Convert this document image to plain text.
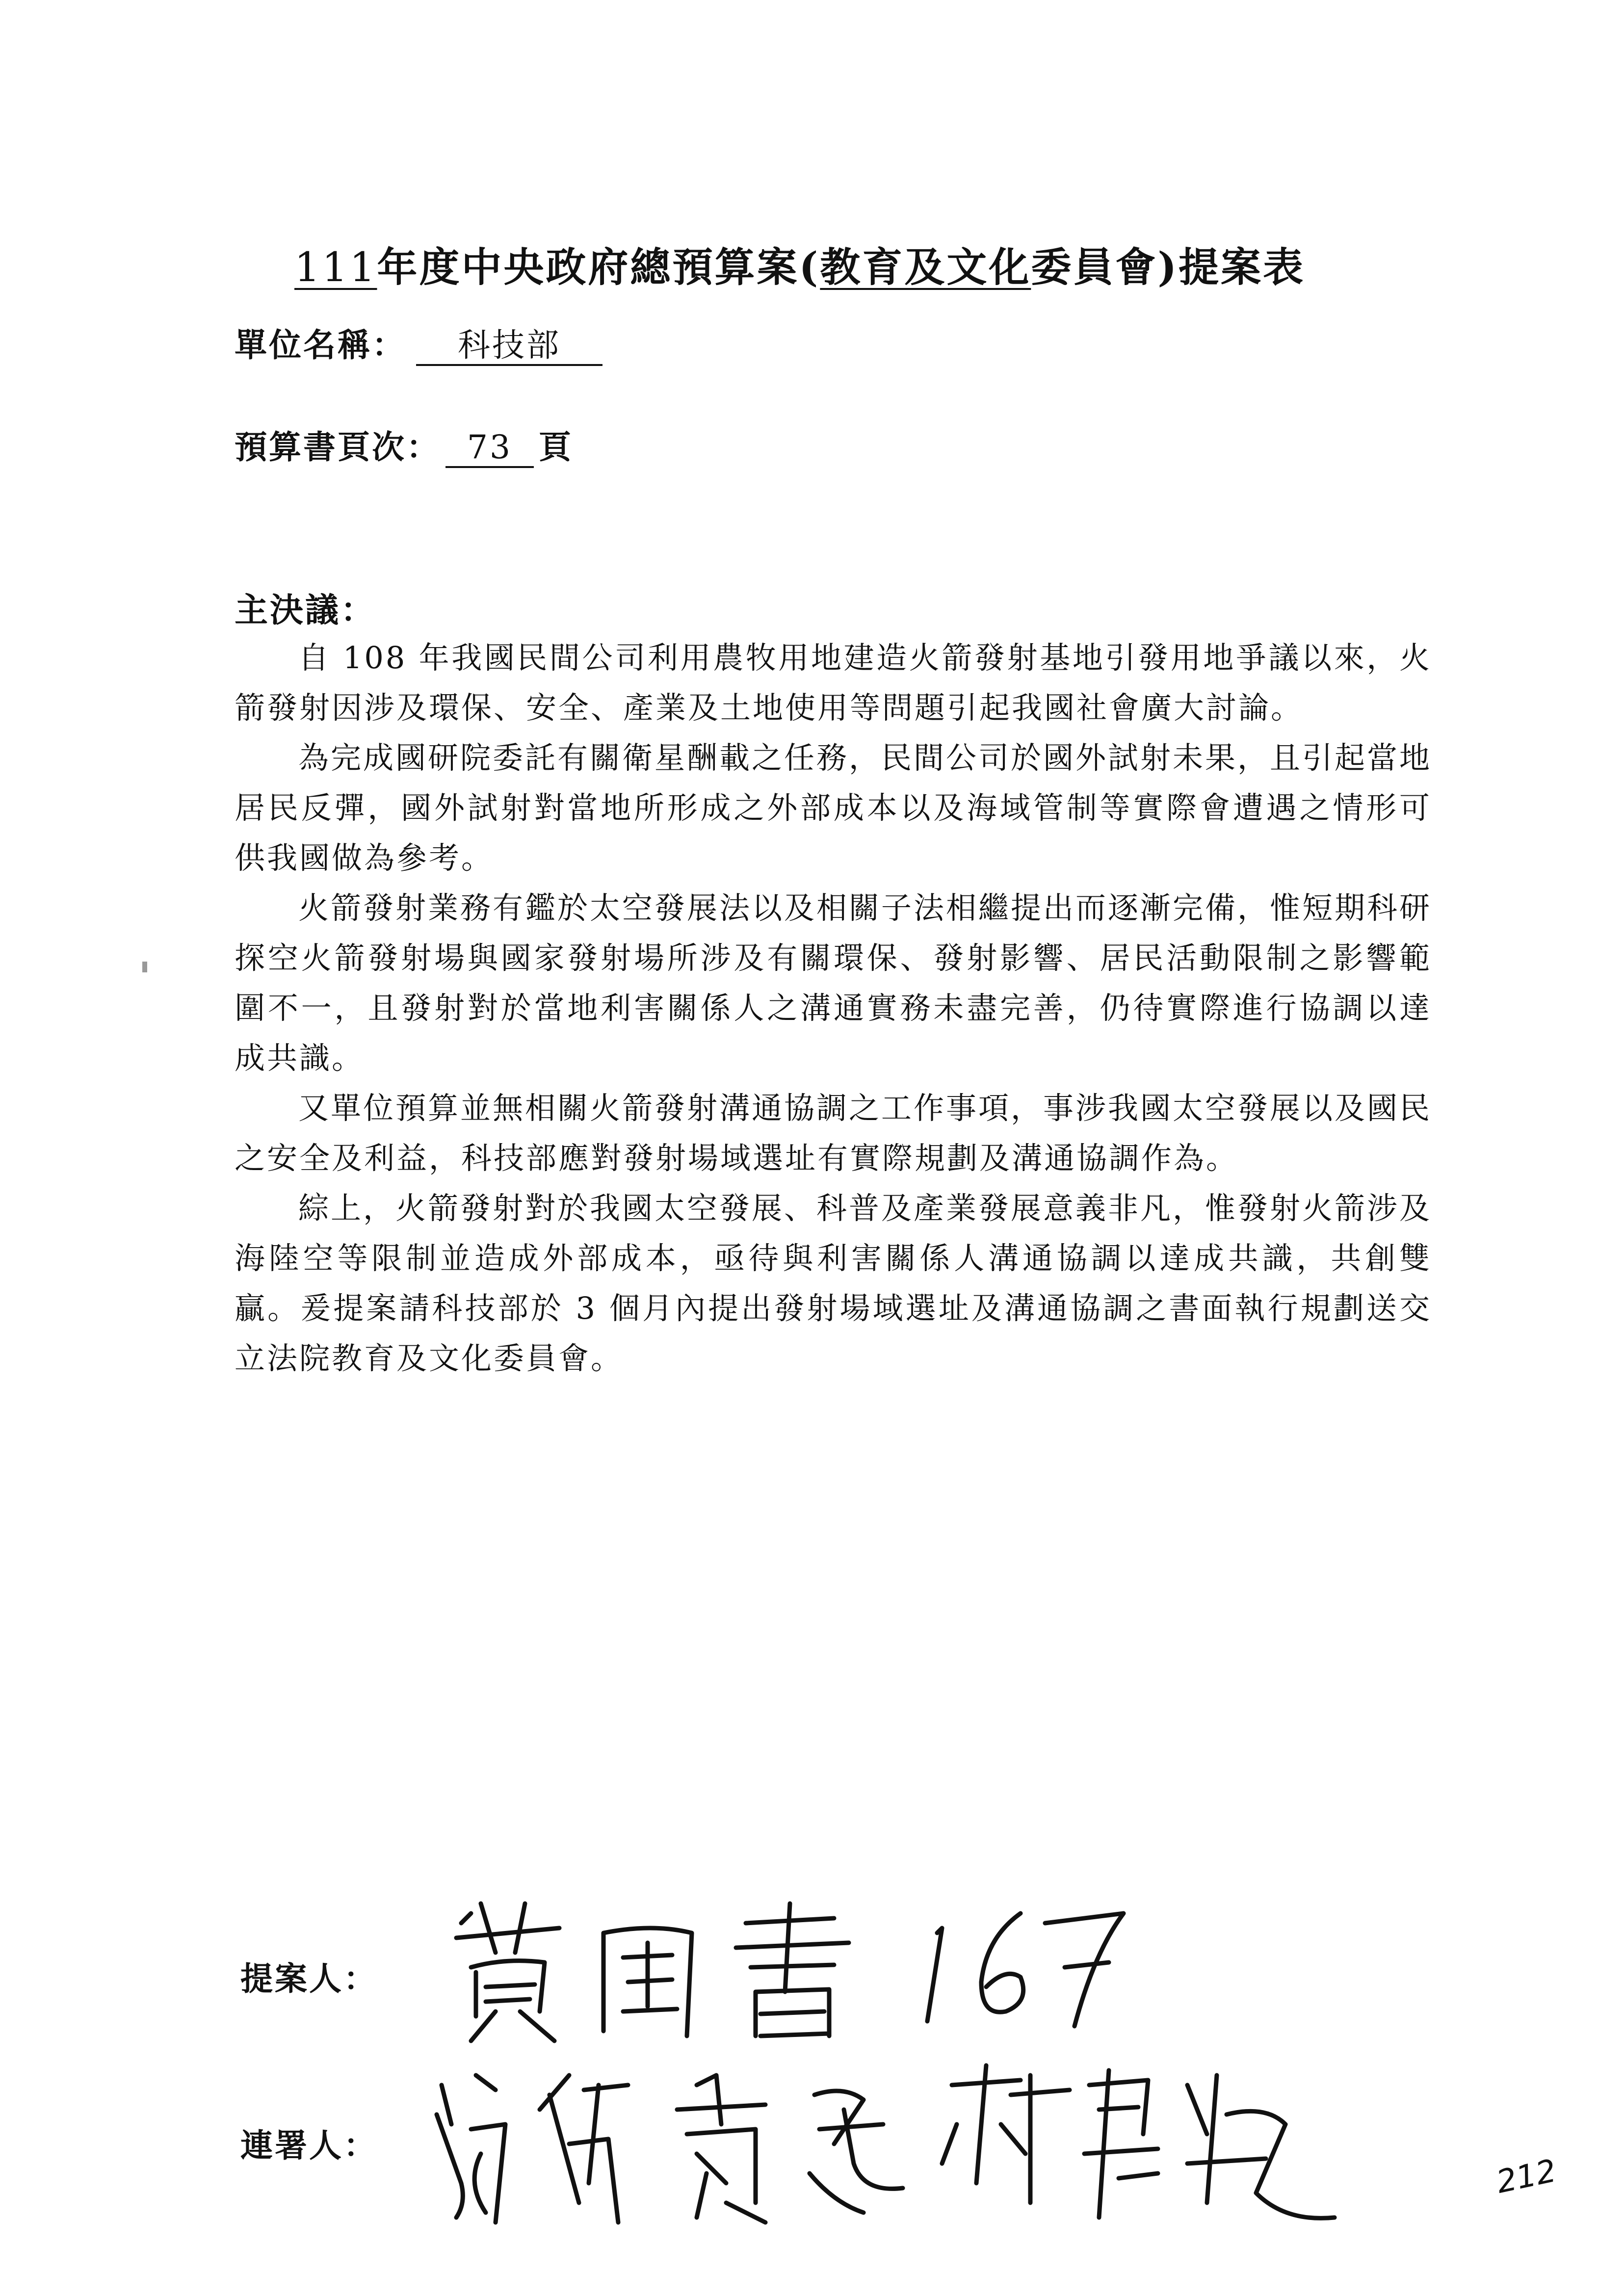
111年度中央政府總預算案(教育及文化委員會)提案表
單位名稱： 科技部
預算書頁次： 73 頁
主決議：

自 108 年我國民間公司利用農牧用地建造火箭發射基地引發用地爭議以來，火箭發射因涉及環保、安全、產業及土地使用等問題引起我國社會廣大討論。

為完成國研院委託有關衛星酬載之任務，民間公司於國外試射未果，且引起當地居民反彈，國外試射對當地所形成之外部成本以及海域管制等實際會遭遇之情形可供我國做為參考。

火箭發射業務有鑑於太空發展法以及相關子法相繼提出而逐漸完備，惟短期科研探空火箭發射場與國家發射場所涉及有關環保、發射影響、居民活動限制之影響範圍不一，且發射對於當地利害關係人之溝通實務未盡完善，仍待實際進行協調以達成共識。

又單位預算並無相關火箭發射溝通協調之工作事項，事涉我國太空發展以及國民之安全及利益，科技部應對發射場域選址有實際規劃及溝通協調作為。

綜上，火箭發射對於我國太空發展、科普及產業發展意義非凡，惟發射火箭涉及海陸空等限制並造成外部成本，亟待與利害關係人溝通協調以達成共識，共創雙贏。爰提案請科技部於 3 個月內提出發射場域選址及溝通協調之書面執行規劃送交立法院教育及文化委員會。

提案人：
連署人：
212
